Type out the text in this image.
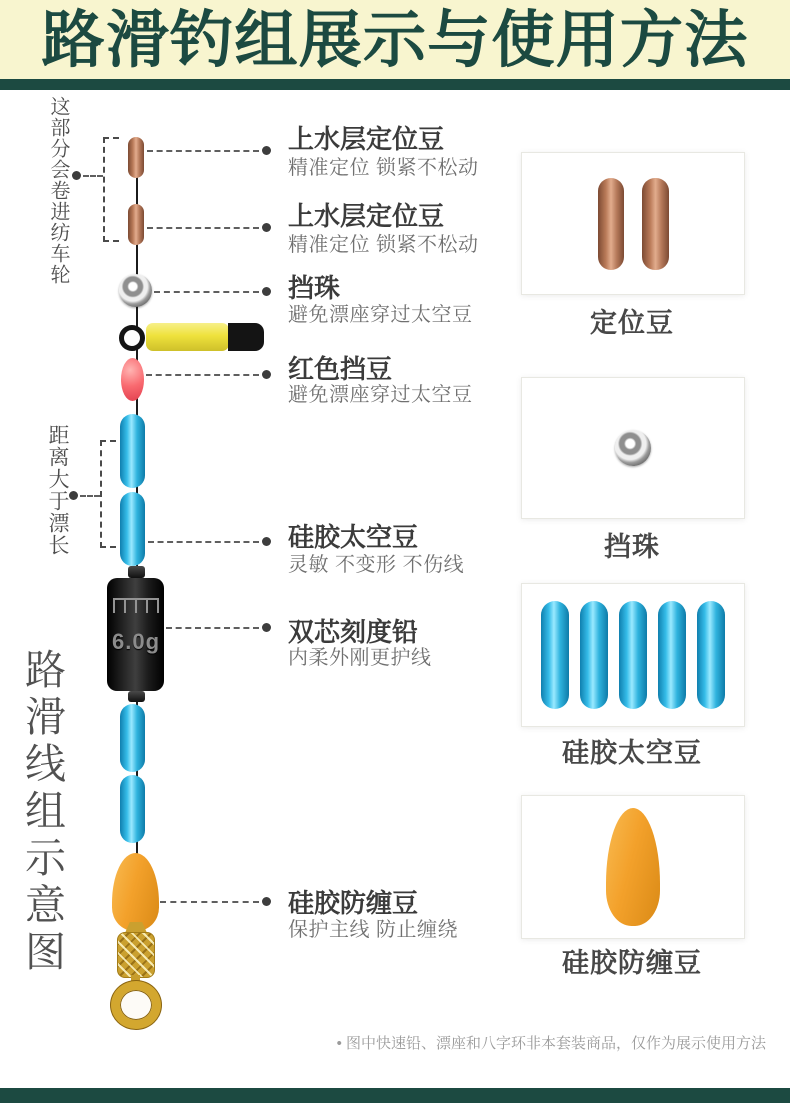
路滑钓组展示与使用方法
这部分会卷进纺车轮
距离大于漂长
路滑线组示意图
6.0g
上水层定位豆
精准定位 锁紧不松动
上水层定位豆
精准定位 锁紧不松动
挡珠
避免漂座穿过太空豆
红色挡豆
避免漂座穿过太空豆
硅胶太空豆
灵敏 不变形 不伤线
双芯刻度铅
内柔外刚更护线
硅胶防缠豆
保护主线 防止缠绕
定位豆
挡珠
硅胶太空豆
硅胶防缠豆
• 图中快速铅、漂座和八字环非本套装商品，仅作为展示使用方法
